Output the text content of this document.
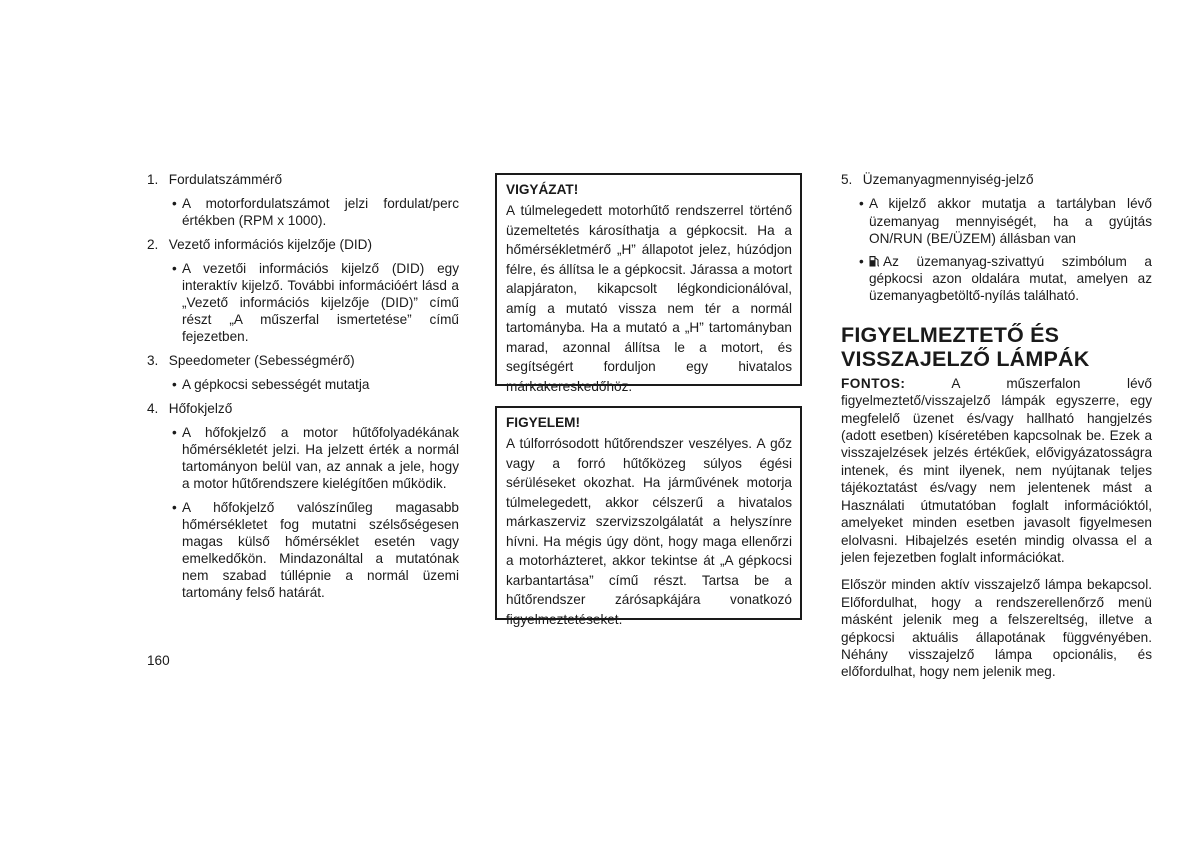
1. Fordulatszámmérő
• A motorfordulatszámot jelzi fordulat/perc értékben (RPM x 1000).
2. Vezető információs kijelzője (DID)
• A vezetői információs kijelző (DID) egy interaktív kijelző. További információért lásd a „Vezető információs kijelzője (DID)” című részt „A műszerfal ismertetése” című fejezetben.
3. Speedometer (Sebességmérő)
• A gépkocsi sebességét mutatja
4. Hőfokjelző
• A hőfokjelző a motor hűtőfolyadékának hőmérsékletét jelzi. Ha jelzett érték a normál tartományon belül van, az annak a jele, hogy a motor hűtőrendszere kielégítően működik.
• A hőfokjelző valószínűleg magasabb hőmérsékletet fog mutatni szélsőségesen magas külső hőmérséklet esetén vagy emelkedőkön. Mindazonáltal a mutatónak nem szabad túllépnie a normál üzemi tartomány felső határát.
VIGYÁZAT!
A túlmelegedett motorhűtő rendszerrel történő üzemeltetés károsíthatja a gépkocsit. Ha a hőmérsékletmérő „H” állapotot jelez, húzódjon félre, és állítsa le a gépkocsit. Járassa a motort alapjáraton, kikapcsolt légkondicionálóval, amíg a mutató vissza nem tér a normál tartományba. Ha a mutató a „H” tartományban marad, azonnal állítsa le a motort, és segítségért forduljon egy hivatalos márkakereskedőhöz.
FIGYELEM!
A túlforrósodott hűtőrendszer veszélyes. A gőz vagy a forró hűtőközeg súlyos égési sérüléseket okozhat. Ha járművének motorja túlmelegedett, akkor célszerű a hivatalos márkaszerviz szervizszolgálatát a helyszínre hívni. Ha mégis úgy dönt, hogy maga ellenőrzi a motorházteret, akkor tekintse át „A gépkocsi karbantartása” című részt. Tartsa be a hűtőrendszer zárósapkájára vonatkozó figyelmeztetéseket.
5. Üzemanyagmennyiség-jelző
• A kijelző akkor mutatja a tartályban lévő üzemanyag mennyiségét, ha a gyújtás ON/RUN (BE/ÜZEM) állásban van
• Az üzemanyag-szivattyú szimbólum a gépkocsi azon oldalára mutat, amelyen az üzemanyagbetöltő-nyílás található.
FIGYELMEZTETŐ ÉS
VISSZAJELZŐ LÁMPÁK
FONTOS: A műszerfalon lévő figyelmeztető/visszajelző lámpák egyszerre, egy megfelelő üzenet és/vagy hallható hangjelzés (adott esetben) kíséretében kapcsolnak be. Ezek a visszajelzések jelzés értékűek, elővigyázatosságra intenek, és mint ilyenek, nem nyújtanak teljes tájékoztatást és/vagy nem jelentenek mást a Használati útmutatóban foglalt információktól, amelyeket minden esetben javasolt figyelmesen elolvasni. Hibajelzés esetén mindig olvassa el a jelen fejezetben foglalt információkat.
Először minden aktív visszajelző lámpa bekapcsol. Előfordulhat, hogy a rendszerellenőrző menü másként jelenik meg a felszereltség, illetve a gépkocsi aktuális állapotának függvényében. Néhány visszajelző lámpa opcionális, és előfordulhat, hogy nem jelenik meg.
160
